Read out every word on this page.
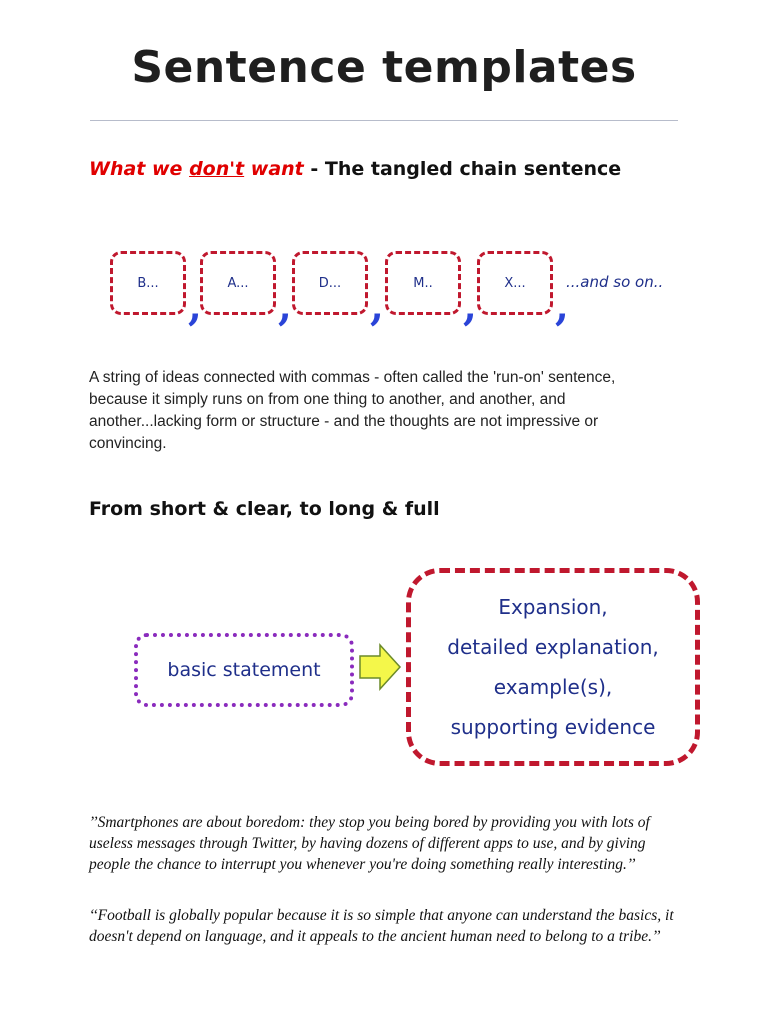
Sentence templates
What we don't want - The tangled chain sentence
B... ,	A... ,	D... ,	M.. ,	X... ,
...and so on..
A string of ideas connected with commas - often called the 'run-on' sentence, because it simply runs on from one thing to another, and another, and another...lacking form or structure - and the thoughts are not impressive or convincing.
From short & clear, to long & full
basic statement
Expansion,
detailed explanation,
example(s),
supporting evidence
’’Smartphones are about boredom: they stop you being bored by providing you with lots of useless messages through Twitter, by having dozens of different apps to use, and by giving people the chance to interrupt you whenever you're doing something really interesting.’’
‘‘Football is globally popular because it is so simple that anyone can understand the basics, it doesn't depend on language, and it appeals to the ancient human need to belong to a tribe.’’
